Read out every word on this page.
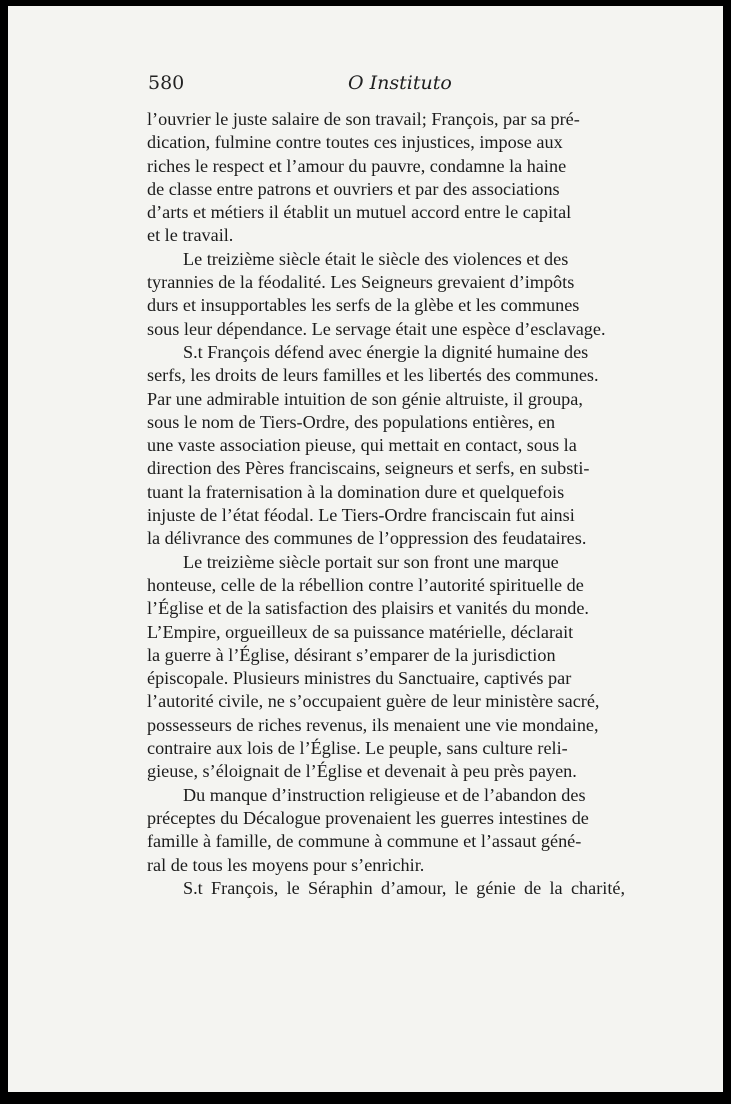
580	O Instituto

l’ouvrier le juste salaire de son travail; François, par sa pré-
dication, fulmine contre toutes ces injustices, impose aux
riches le respect et l’amour du pauvre, condamne la haine
de classe entre patrons et ouvriers et par des associations
d’arts et métiers il établit un mutuel accord entre le capital
et le travail.

Le treizième siècle était le siècle des violences et des
tyrannies de la féodalité. Les Seigneurs grevaient d’impôts
durs et insupportables les serfs de la glèbe et les communes
sous leur dépendance. Le servage était une espèce d’esclavage.

S.t François défend avec énergie la dignité humaine des
serfs, les droits de leurs familles et les libertés des communes.
Par une admirable intuition de son génie altruiste, il groupa,
sous le nom de Tiers-Ordre, des populations entières, en
une vaste association pieuse, qui mettait en contact, sous la
direction des Pères franciscains, seigneurs et serfs, en substi-
tuant la fraternisation à la domination dure et quelquefois
injuste de l’état féodal. Le Tiers-Ordre franciscain fut ainsi
la délivrance des communes de l’oppression des feudataires.

Le treizième siècle portait sur son front une marque
honteuse, celle de la rébellion contre l’autorité spirituelle de
l’Église et de la satisfaction des plaisirs et vanités du monde.
L’Empire, orgueilleux de sa puissance matérielle, déclarait
la guerre à l’Église, désirant s’emparer de la jurisdiction
épiscopale. Plusieurs ministres du Sanctuaire, captivés par
l’autorité civile, ne s’occupaient guère de leur ministère sacré,
possesseurs de riches revenus, ils menaient une vie mondaine,
contraire aux lois de l’Église. Le peuple, sans culture reli-
gieuse, s’éloignait de l’Église et devenait à peu près payen.

Du manque d’instruction religieuse et de l’abandon des
préceptes du Décalogue provenaient les guerres intestines de
famille à famille, de commune à commune et l’assaut géné-
ral de tous les moyens pour s’enrichir.

S.t François, le Séraphin d’amour, le génie de la charité,
